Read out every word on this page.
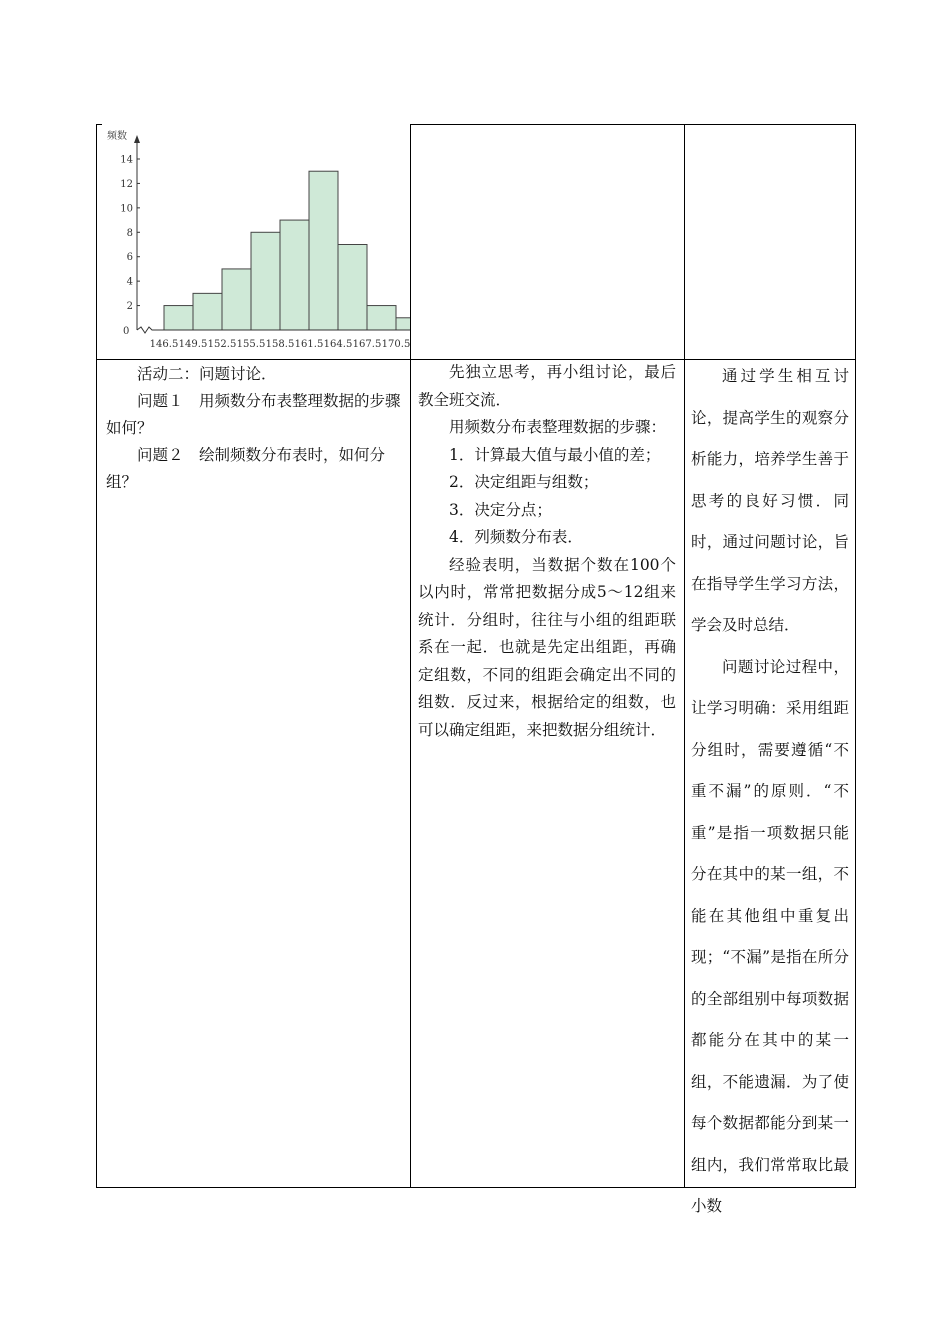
频数
0
2
4
6
8
10
12
14
146.5 149.5 152.5 155.5 158.5 161.5 164.5 167.5 170.5

活动二：问题讨论．

问题１　用频数分布表整理数据的步骤如何？

问题２　绘制频数分布表时，如何分组？

先独立思考，再小组讨论，最后教全班交流．

用频数分布表整理数据的步骤：

1．计算最大值与最小值的差；

2．决定组距与组数；

3．决定分点；

4．列频数分布表．

经验表明，当数据个数在100个以内时，常常把数据分成5～12组来统计．分组时，往往与小组的组距联系在一起．也就是先定出组距，再确定组数，不同的组距会确定出不同的组数．反过来，根据给定的组数，也可以确定组距，来把数据分组统计．

通过学生相互讨论，提高学生的观察分析能力，培养学生善于思考的良好习惯．同时，通过问题讨论，旨在指导学生学习方法，学会及时总结．

问题讨论过程中，让学习明确：采用组距分组时，需要遵循“不重不漏”的原则．“不重”是指一项数据只能分在其中的某一组，不能在其他组中重复出现；“不漏”是指在所分的全部组别中每项数据都能分在其中的某一组，不能遗漏．为了使每个数据都能分到某一组内，我们常常取比最小数
